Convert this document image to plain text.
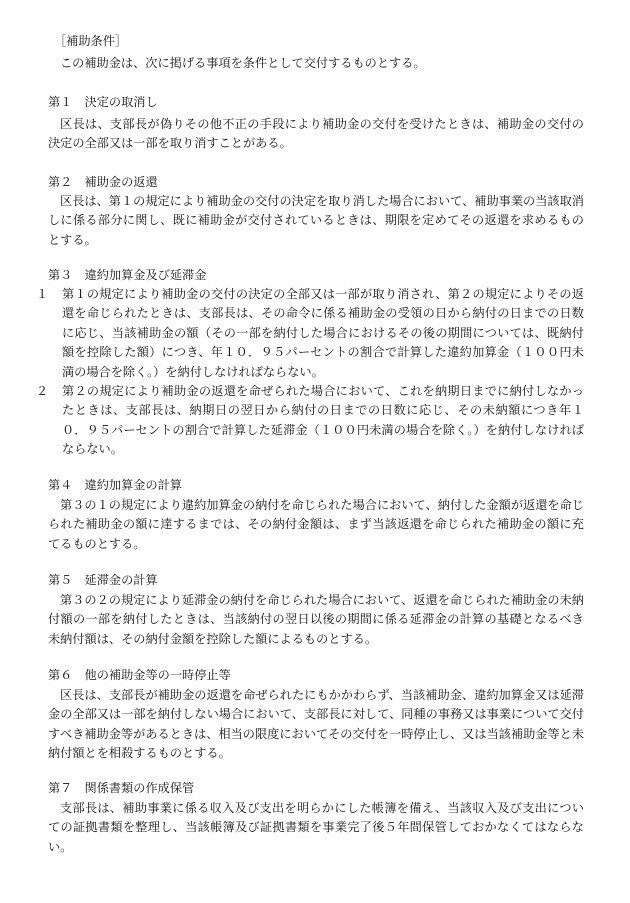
［補助条件］
この補助金は、次に掲げる事項を条件として交付するものとする。
第１　決定の取消し
区長は、支部長が偽りその他不正の手段により補助金の交付を受けたときは、補助金の交付の決定の全部又は一部を取り消すことがある。
第２　補助金の返還
区長は、第１の規定により補助金の交付の決定を取り消した場合において、補助事業の当該取消しに係る部分に関し、既に補助金が交付されているときは、期限を定めてその返還を求めるものとする。
第３　違約加算金及び延滞金
１	第１の規定により補助金の交付の決定の全部又は一部が取り消され、第２の規定によりその返還を命じられたときは、支部長は、その命令に係る補助金の受領の日から納付の日までの日数に応じ、当該補助金の額（その一部を納付した場合におけるその後の期間については、既納付額を控除した額）につき、年１０．９５パーセントの割合で計算した違約加算金（１００円未満の場合を除く。）を納付しなければならない。
２	第２の規定により補助金の返還を命ぜられた場合において、これを納期日までに納付しなかったときは、支部長は、納期日の翌日から納付の日までの日数に応じ、その未納額につき年１０．９５パーセントの割合で計算した延滞金（１００円未満の場合を除く。）を納付しなければならない。
第４　違約加算金の計算
第３の１の規定により違約加算金の納付を命じられた場合において、納付した金額が返還を命じられた補助金の額に達するまでは、その納付金額は、まず当該返還を命じられた補助金の額に充てるものとする。
第５　延滞金の計算
第３の２の規定により延滞金の納付を命じられた場合において、返還を命じられた補助金の未納付額の一部を納付したときは、当該納付の翌日以後の期間に係る延滞金の計算の基礎となるべき未納付額は、その納付金額を控除した額によるものとする。
第６　他の補助金等の一時停止等
区長は、支部長が補助金の返還を命ぜられたにもかかわらず、当該補助金、違約加算金又は延滞金の全部又は一部を納付しない場合において、支部長に対して、同種の事務又は事業について交付すべき補助金等があるときは、相当の限度においてその交付を一時停止し、又は当該補助金等と未納付額とを相殺するものとする。
第７　関係書類の作成保管
支部長は、補助事業に係る収入及び支出を明らかにした帳簿を備え、当該収入及び支出についての証拠書類を整理し、当該帳簿及び証拠書類を事業完了後５年間保管しておかなくてはならない。
